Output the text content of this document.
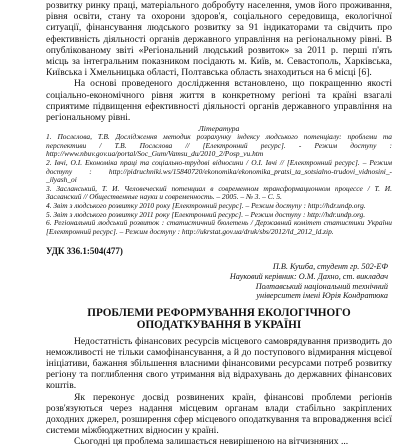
розвитку ринку праці, матеріального добробуту населення, умов його проживання, рівня освіти, стану та охорони здоров'я, соціального середовища, екологічної ситуації, фінансування людського розвитку за 91 індикаторами та свідчить про ефективність діяльності органів державного управління на регіональному рівні. В опублікованому звіті «Регіональний людський розвиток» за 2011 р. перші п'ять місць за інтегральним показником посідають м. Київ, м. Севастополь, Харківська, Київська і Хмельницька області, Полтавська область знаходиться на 6 місці [6].

На основі проведеного дослідження встановлено, що покращенню якості соціально-економічного рівня життя в конкретному регіоні та країні взагалі сприятиме підвищення ефективності діяльності органів державного управління на регіональному рівні.

Література
1. Послєлова, Т.В. Дослідження методик розрахунку індексу людського потенціалу: проблеми та перспективи / Т.В. Послєлова // [Електронний ресурс]. - Режим доступу : http://www.nbuv.gov.ua/portal/Soc_Gum/Vamsu_du/2010_2/Posp_vu.htm
2. Івчі, О.І. Економіка праці та соціально-трудові відносини / О.І. Івчі // [Електронний ресурс]. – Режим доступу : http://pidruchniki.ws/15840720/ekonomika/ekonomika_pratsi_ta_sotsialno-trudovi_vidnosini_-_ilyash_oi
3. Засланський, Т. И. Человеческий потенциал в современном трансформационном процессе / Т. И. Засланский // Общественные науки и современность. – 2005. – № 3. – С. 5.
4. Звіт з людського розвитку 2010 року [Електронний ресурс]. – Режим доступу : http://hdr.undp.org.
5. Звіт з людського розвитку 2011 року [Електронний ресурс]. – Режим доступу : http://hdr.undp.org.
6. Регіональний людський розвиток : статистичний бюлетень / Державний комітет статистики України [Електронний ресурс]. – Режим доступу : http://ukrstat.gov.ua/druk/sbs/2012/ld_2012_ld.zip.
УДК 336.1:504(477)
П.В. Кушба, студент гр. 502-ЕФ
Науковий керівник: О.М. Дахно, ст. викладач
Полтавський національний технічний
університет імені Юрія Кондратюка
ПРОБЛЕМИ РЕФОРМУВАННЯ ЕКОЛОГІЧНОГО
ОПОДАТКУВАННЯ В УКРАЇНІ

Недостатність фінансових ресурсів місцевого самоврядування призводить до неможливості не тільки самофінансування, а й до поступового відмирання місцевої ініціативи, бажання збільшення власними фінансовими ресурсами потреб розвитку регіону та поглиблення свого утримання від відрахувань до державних фінансових коштів.

Як переконує досвід розвинених країн, фінансові проблеми регіонів розв'язуються через надання місцевим органам влади стабільно закріплених доходних джерел, розширення сфер місцевого оподаткування та впровадження всієї системи міжбюджетних відносин у країні.

Сьогодні ця проблема залишається невирішеною на вітчизняних ...
